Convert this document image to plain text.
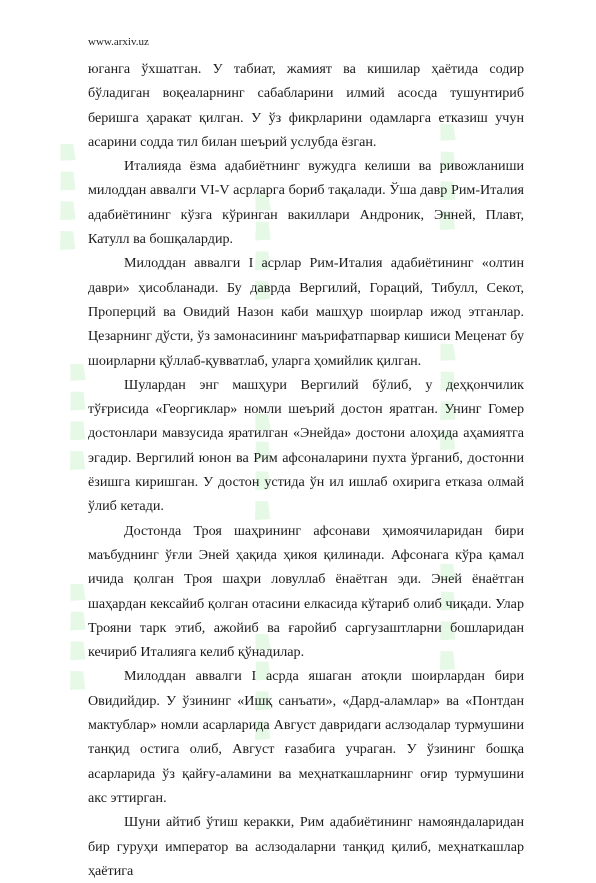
www.arxiv.uz

юганга ўхшатган. У табиат, жамият ва кишилар ҳаётида содир бўладиган воқеаларнинг сабабларини илмий асосда тушунтириб беришга ҳаракат қилган. У ўз фикрларини одамларга етказиш учун асарини содда тил билан шеърий услубда ёзган.

Италияда ёзма адабиётнинг вужудга келиши ва ривожланиши милоддан аввалги VI-V асрларга бориб тақалади. Ўша давр Рим-Италия адабиётининг кўзга кўринган вакиллари Андроник, Энней, Плавт, Катулл ва бошқалардир.

Милоддан аввалги I асрлар Рим-Италия адабиётининг «олтин даври» ҳисобланади. Бу даврда Вергилий, Гораций, Тибулл, Секот, Проперций ва Овидий Назон каби машҳур шоирлар ижод этганлар. Цезарнинг дўсти, ўз замонасининг маърифатпарвар кишиси Меценат бу шоирларни қўллаб-қувватлаб, уларга ҳомийлик қилган.

Шулардан энг машҳури Вергилий бўлиб, у деҳқончилик тўғрисида «Георгиклар» номли шеърий достон яратган. Унинг Гомер достонлари мавзусида яратилган «Энейда» достони алоҳида аҳамиятга эгадир. Вергилий юнон ва Рим афсоналарини пухта ўрганиб, достонни ёзишга киришган. У достон устида ўн ил ишлаб охирига етказа олмай ўлиб кетади.

Достонда Троя шаҳрининг афсонави ҳимоячиларидан бири маъбуднинг ўғли Эней ҳақида ҳикоя қилинади. Афсонага кўра қамал ичида қолган Троя шаҳри ловуллаб ёнаётган эди. Эней ёнаётган шаҳардан кексайиб қолган отасини елкасида кўтариб олиб чиқади. Улар Трояни тарк этиб, ажойиб ва ғаройиб саргузаштларни бошларидан кечириб Италияга келиб қўнадилар.

Милоддан аввалги I асрда яшаган атоқли шоирлардан бири Овидийдир. У ўзининг «Ишқ санъати», «Дард-аламлар» ва «Понтдан мактублар» номли асарларида Август давридаги аслзодалар турмушини танқид остига олиб, Август ғазабига учраган. У ўзининг бошқа асарларида ўз қайғу-аламини ва меҳнаткашларнинг оғир турмушини акс эттирган.

Шуни айтиб ўтиш керакки, Рим адабиётининг намояндаларидан бир гуруҳи император ва аслзодаларни танқид қилиб, меҳнаткашлар ҳаётига
